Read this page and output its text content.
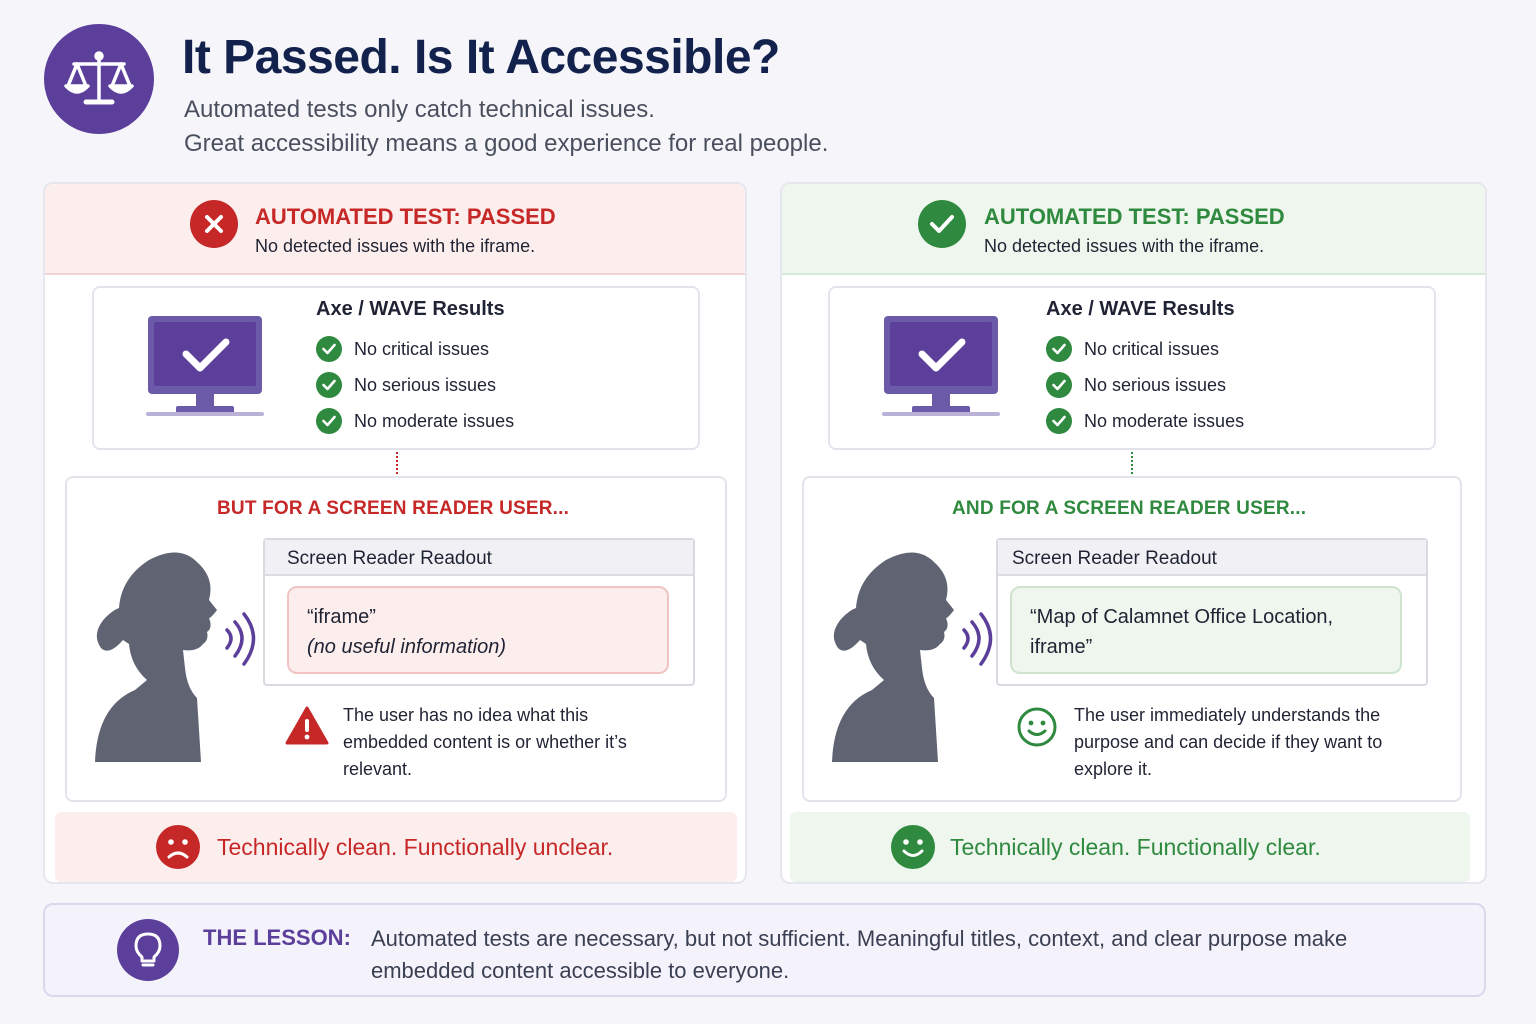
It Passed. Is It Accessible?
Automated tests only catch technical issues.
Great accessibility means a good experience for real people.
AUTOMATED TEST: PASSED
No detected issues with the iframe.
Axe / WAVE Results
No critical issues
No serious issues
No moderate issues
BUT FOR A SCREEN READER USER...
Screen Reader Readout
“iframe”
(no useful information)
The user has no idea what this embedded content is or whether it’s relevant.
Technically clean. Functionally unclear.
AUTOMATED TEST: PASSED
No detected issues with the iframe.
Axe / WAVE Results
No critical issues
No serious issues
No moderate issues
AND FOR A SCREEN READER USER...
Screen Reader Readout
“Map of Calamnet Office Location, iframe”
The user immediately understands the purpose and can decide if they want to explore it.
Technically clean. Functionally clear.
THE LESSON: Automated tests are necessary, but not sufficient. Meaningful titles, context, and clear purpose make embedded content accessible to everyone.
